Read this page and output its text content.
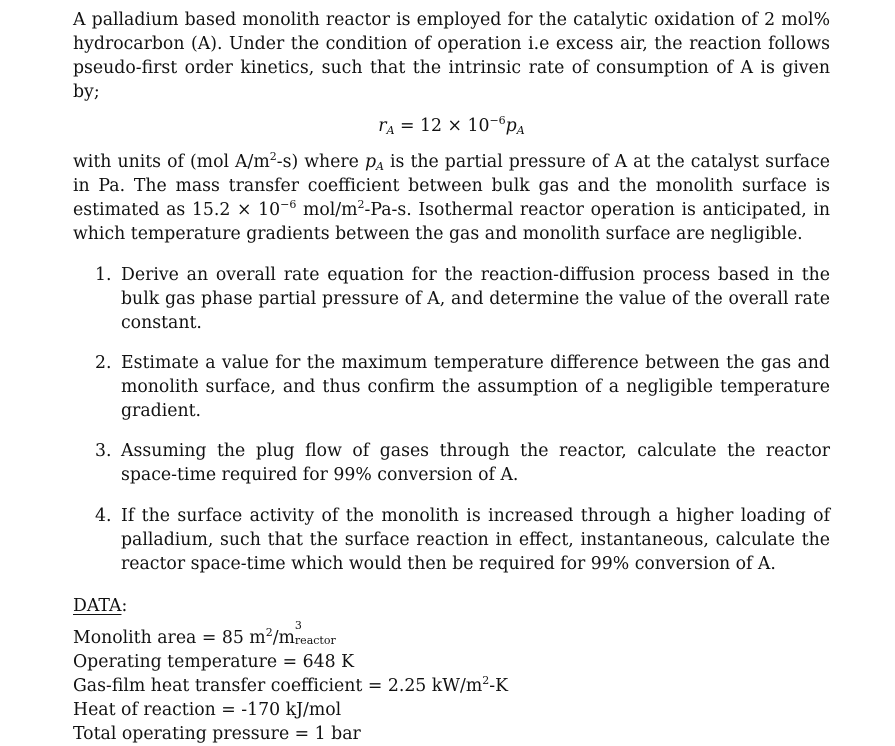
A palladium based monolith reactor is employed for the catalytic oxidation of 2 mol% hydrocarbon (A). Under the condition of operation i.e excess air, the reaction follows pseudo-first order kinetics, such that the intrinsic rate of consumption of A is given by;

$r_A = 12 \times 10^{-6}p_A$

with units of (mol $A/m^2-s$) where $p_A$ is the partial pressure of A at the catalyst surface in Pa. The mass transfer coefficient between bulk gas and the monolith surface is estimated as $15.2 \times 10^{-6}$ mol/$m^2-Pa-s$. Isothermal reactor operation is anticipated, in which temperature gradients between the gas and monolith surface are negligible.

1. Derive an overall rate equation for the reaction-diffusion process based in the bulk gas phase partial pressure of A, and determine the value of the overall rate constant.
2. Estimate a value for the maximum temperature difference between the gas and monolith surface, and thus confirm the assumption of a negligible temperature gradient.
3. Assuming the plug flow of gases through the reactor, calculate the reactor space-time required for 99% conversion of A.
4. If the surface activity of the monolith is increased through a higher loading of palladium, such that the surface reaction in effect, instantaneous, calculate the reactor space-time which would then be required for 99% conversion of A.
DATA:
Monolith area = 85 $m^2/m$
3
reactor
Operating temperature = 648 K
Gas-film heat transfer coefficient = 2.25 $kW/m^2-K$
Heat of reaction = -170 kJ/mol
Total operating pressure = 1 bar
